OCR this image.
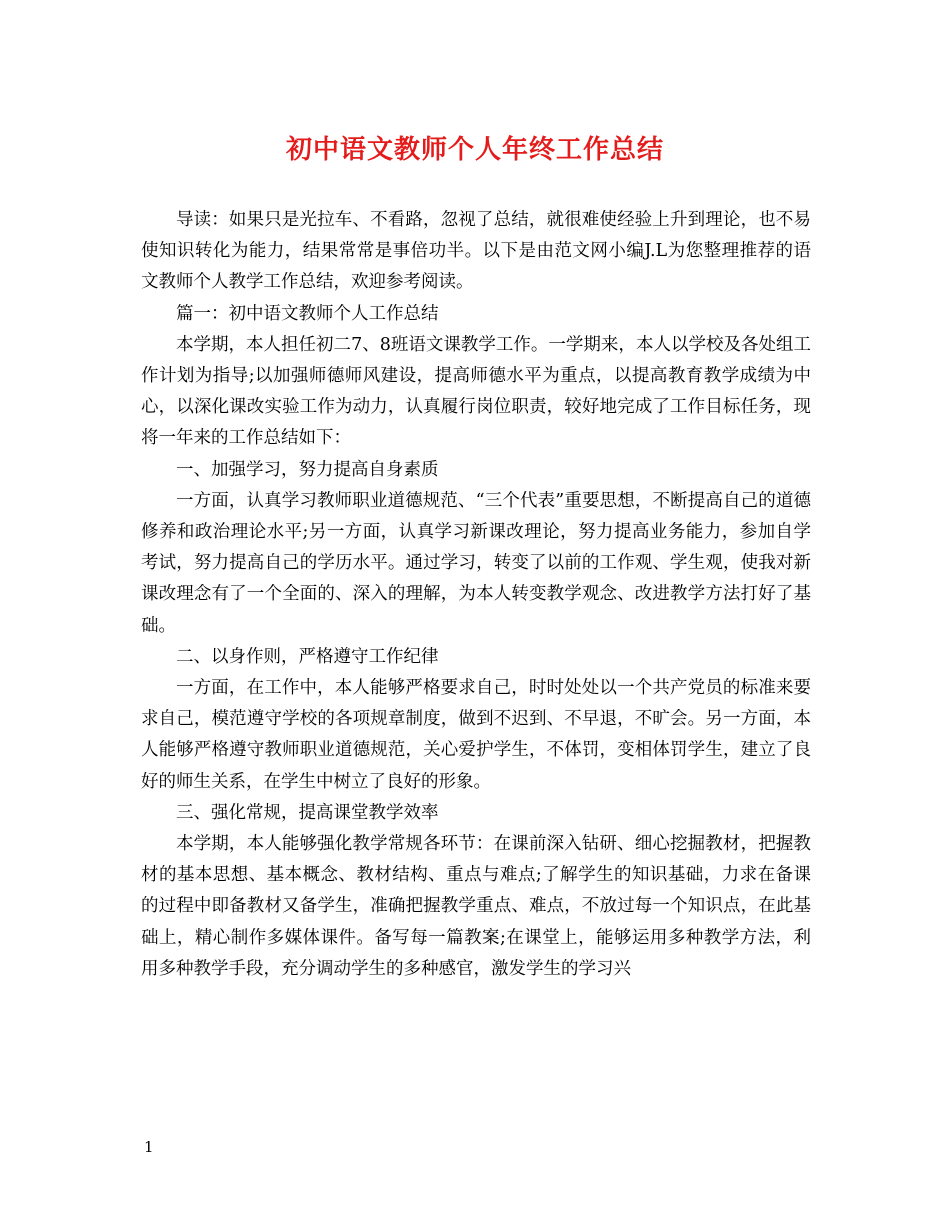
初中语文教师个人年终工作总结

导读：如果只是光拉车、不看路，忽视了总结，就很难使经验上升到理论，也不易使知识转化为能力，结果常常是事倍功半。以下是由范文网小编J.L为您整理推荐的语文教师个人教学工作总结，欢迎参考阅读。

篇一：初中语文教师个人工作总结

本学期，本人担任初二7、8班语文课教学工作。一学期来，本人以学校及各处组工作计划为指导;以加强师德师风建设，提高师德水平为重点，以提高教育教学成绩为中心，以深化课改实验工作为动力，认真履行岗位职责，较好地完成了工作目标任务，现将一年来的工作总结如下：

一、加强学习，努力提高自身素质

一方面，认真学习教师职业道德规范、“三个代表”重要思想，不断提高自己的道德修养和政治理论水平;另一方面，认真学习新课改理论，努力提高业务能力，参加自学考试，努力提高自己的学历水平。通过学习，转变了以前的工作观、学生观，使我对新课改理念有了一个全面的、深入的理解，为本人转变教学观念、改进教学方法打好了基础。

二、以身作则，严格遵守工作纪律

一方面，在工作中，本人能够严格要求自己，时时处处以一个共产党员的标准来要求自己，模范遵守学校的各项规章制度，做到不迟到、不早退，不旷会。另一方面，本人能够严格遵守教师职业道德规范，关心爱护学生，不体罚，变相体罚学生，建立了良好的师生关系，在学生中树立了良好的形象。

三、强化常规，提高课堂教学效率

本学期，本人能够强化教学常规各环节：在课前深入钻研、细心挖掘教材，把握教材的基本思想、基本概念、教材结构、重点与难点;了解学生的知识基础，力求在备课的过程中即备教材又备学生，准确把握教学重点、难点，不放过每一个知识点，在此基础上，精心制作多媒体课件。备写每一篇教案;在课堂上，能够运用多种教学方法，利用多种教学手段，充分调动学生的多种感官，激发学生的学习兴

1
